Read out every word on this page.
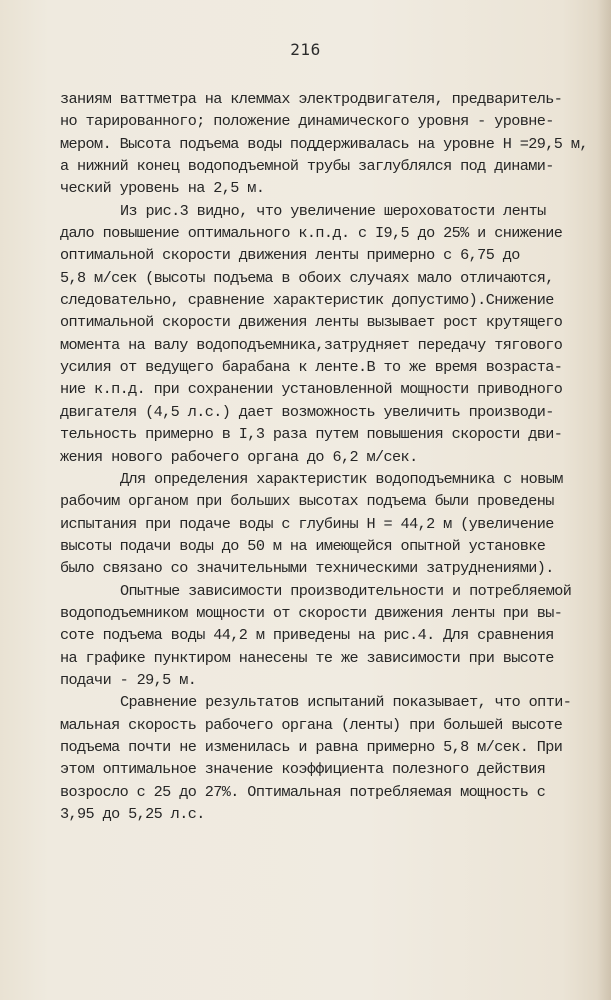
216
заниям ваттметра на клеммах электродвигателя, предваритель-
но тарированного; положение динамического уровня - уровне-
мером. Высота подъема воды поддерживалась на уровне H =29,5 м,
а нижний конец водоподъемной трубы заглублялся под динами-
ческий уровень на 2,5 м.
Из рис.3 видно, что увеличение шероховатости ленты
дало повышение оптимального к.п.д. с I9,5 до 25% и снижение
оптимальной скорости движения ленты примерно с 6,75 до
5,8 м/сек (высоты подъема в обоих случаях мало отличаются,
следовательно, сравнение характеристик допустимо).Снижение
оптимальной скорости движения ленты вызывает рост крутящего
момента на валу водоподъемника,затрудняет передачу тягового
усилия от ведущего барабана к ленте.В то же время возраста-
ние к.п.д. при сохранении установленной мощности приводного
двигателя (4,5 л.с.) дает возможность увеличить производи-
тельность примерно в I,3 раза путем повышения скорости дви-
жения нового рабочего органа до 6,2 м/сек.
Для определения характеристик водоподъемника с новым
рабочим органом при больших высотах подъема были проведены
испытания при подаче воды с глубины H = 44,2 м (увеличение
высоты подачи воды до 50 м на имеющейся опытной установке
было связано со значительными техническими затруднениями).
Опытные зависимости производительности и потребляемой
водоподъемником мощности от скорости движения ленты при вы-
соте подъема воды 44,2 м приведены на рис.4. Для сравнения
на графике пунктиром нанесены те же зависимости при высоте
подачи - 29,5 м.
Сравнение результатов испытаний показывает, что опти-
мальная скорость рабочего органа (ленты) при большей высоте
подъема почти не изменилась и равна примерно 5,8 м/сек. При
этом оптимальное значение коэффициента полезного действия
возросло с 25 до 27%. Оптимальная потребляемая мощность с
3,95 до 5,25 л.с.
